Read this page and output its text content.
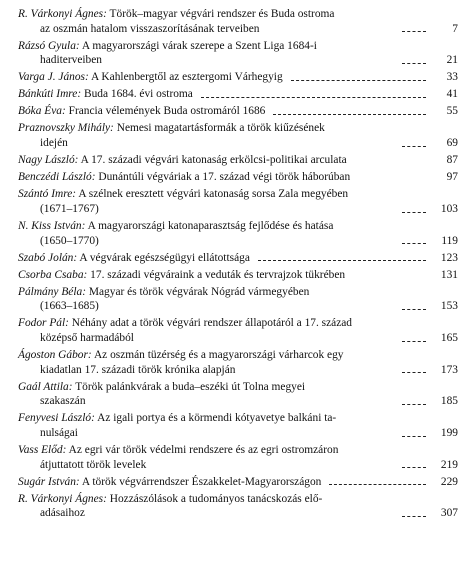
R. Várkonyi Ágnes: Török–magyar végvári rendszer és Buda ostroma
az oszmán hatalom visszaszorításának terveiben	7
Rázsó Gyula: A magyarországi várak szerepe a Szent Liga 1684-i
haditerveiben	21
Varga J. János: A Kahlenbergtől az esztergomi Várhegyig	33
Bánkúti Imre: Buda 1684. évi ostroma	41
Bóka Éva: Francia vélemények Buda ostromáról 1686	55
Praznovszky Mihály: Nemesi magatartásformák a török kiűzésének
idején	69
Nagy László: A 17. századi végvári katonaság erkölcsi-politikai arculata	87
Benczédi László: Dunántúli végváriak a 17. század végi török háborúban	97
Szántó Imre: A szélnek eresztett végvári katonaság sorsa Zala megyében
(1671–1767)	103
N. Kiss István: A magyarországi katonaparasztság fejlődése és hatása
(1650–1770)	119
Szabó Jolán: A végvárak egészségügyi ellátottsága	123
Csorba Csaba: 17. századi végváraink a veduták és tervrajzok tükrében	131
Pálmány Béla: Magyar és török végvárak Nógrád vármegyében
(1663–1685)	153
Fodor Pál: Néhány adat a török végvári rendszer állapotáról a 17. század
középső harmadából	165
Ágoston Gábor: Az oszmán tüzérség és a magyarországi várharcok egy
kiadatlan 17. századi török krónika alapján	173
Gaál Attila: Török palánkvárak a buda–eszéki út Tolna megyei
szakaszán	185
Fenyvesi László: Az igali portya és a körmendi kótyavetye balkáni ta-
nulságai	199
Vass Előd: Az egri vár török védelmi rendszere és az egri ostromzáron
átjuttatott török levelek	219
Sugár István: A török végvárrendszer Északkelet-Magyarországon	229
R. Várkonyi Ágnes: Hozzászólások a tudományos tanácskozás elő-
adásaihoz	307
